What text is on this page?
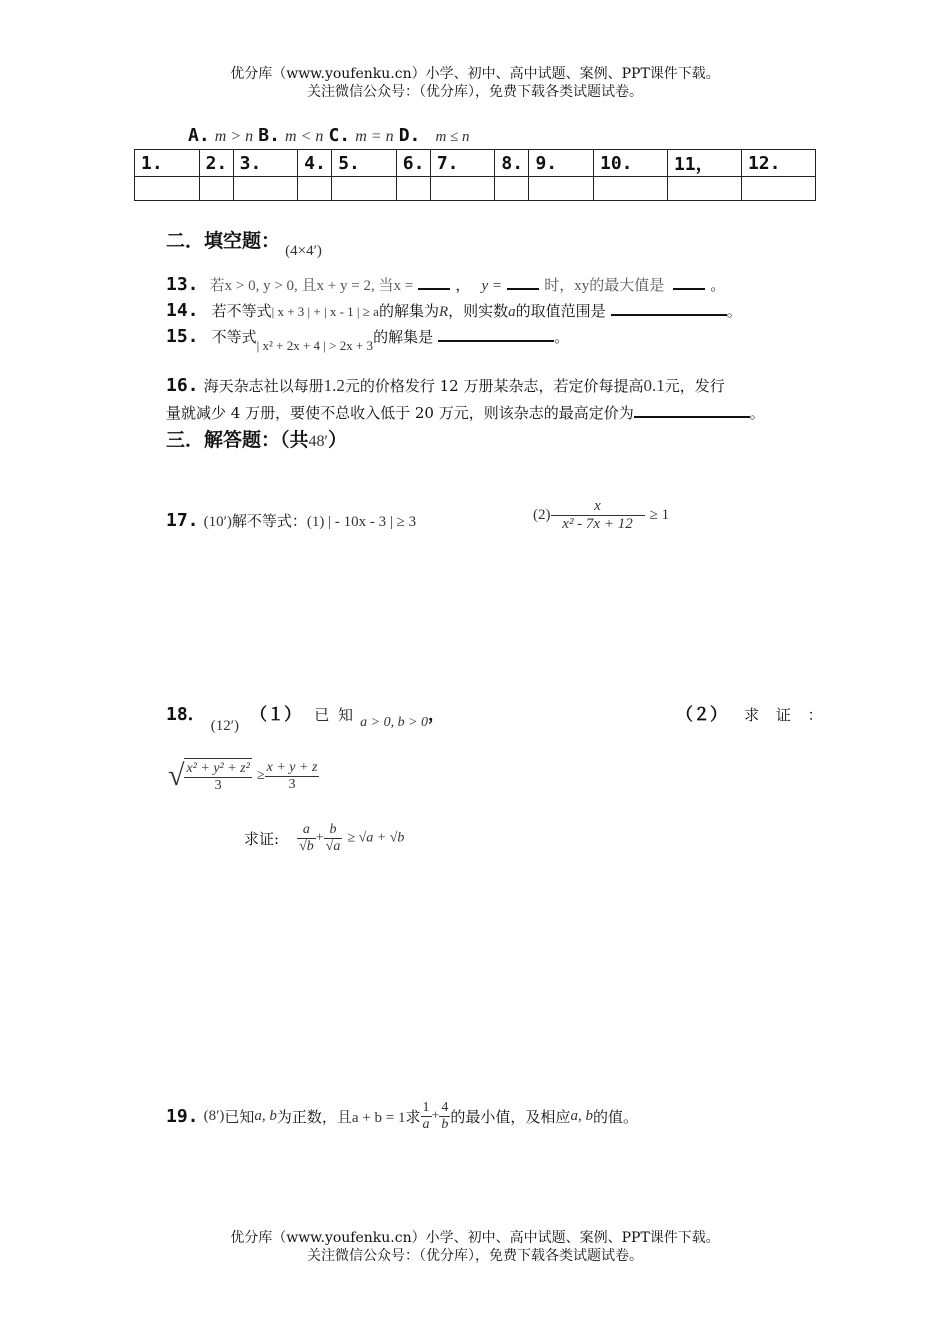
优分库（www.youfenku.cn）小学、初中、高中试题、案例、PPT课件下载。
关注微信公众号：（优分库），免费下载各类试题试卷。
A. m > n B. m < n C. m = n D. m ≤ n
1.	2.	3.	4.	5.	6.	7.	8.	9.	10.	11，	12.

二．填空题： (4×4′)
13. 若x > 0, y > 0, 且x + y = 2, 当x =	， y =	时，xy的最大值是	。
14. 若不等式| x + 3 | + | x - 1 | ≥ a的解集为R，则实数a的取值范围是	。
15. 不等式$_{| x^2 + 2x + 4 | > 2x + 3}$的解集是	。
16. 海天杂志社以每册1.2元的价格发行 12 万册某杂志，若定价每提高0.1元，发行
量就减少 4 万册，要使不总收入低于 20 万元，则该杂志的最高定价为	。
三．解答题：（共48′）
17. (10′)解不等式：(1) | - 10x - 3 | ≥ 3	$(2) \frac{x}{\text{x² - 7x + 12}} \ge 1$
18． (12′) （１） 已 知 a > 0, b > 0，	（２） 求 证 ：
√ $\frac{\text{x² + y² + z²}}{3} \ge \frac{x + y + z}{3}$
求证: $\frac{a}{√b} + \frac{b}{√a} \ge √a + √b$
19. (8′)已知a, b为正数，且a + b = 1求 $\frac{1}{a} + \frac{4}{b}$ 的最小值，及相应a, b的值。
优分库（www.youfenku.cn）小学、初中、高中试题、案例、PPT课件下载。
关注微信公众号：（优分库），免费下载各类试题试卷。
